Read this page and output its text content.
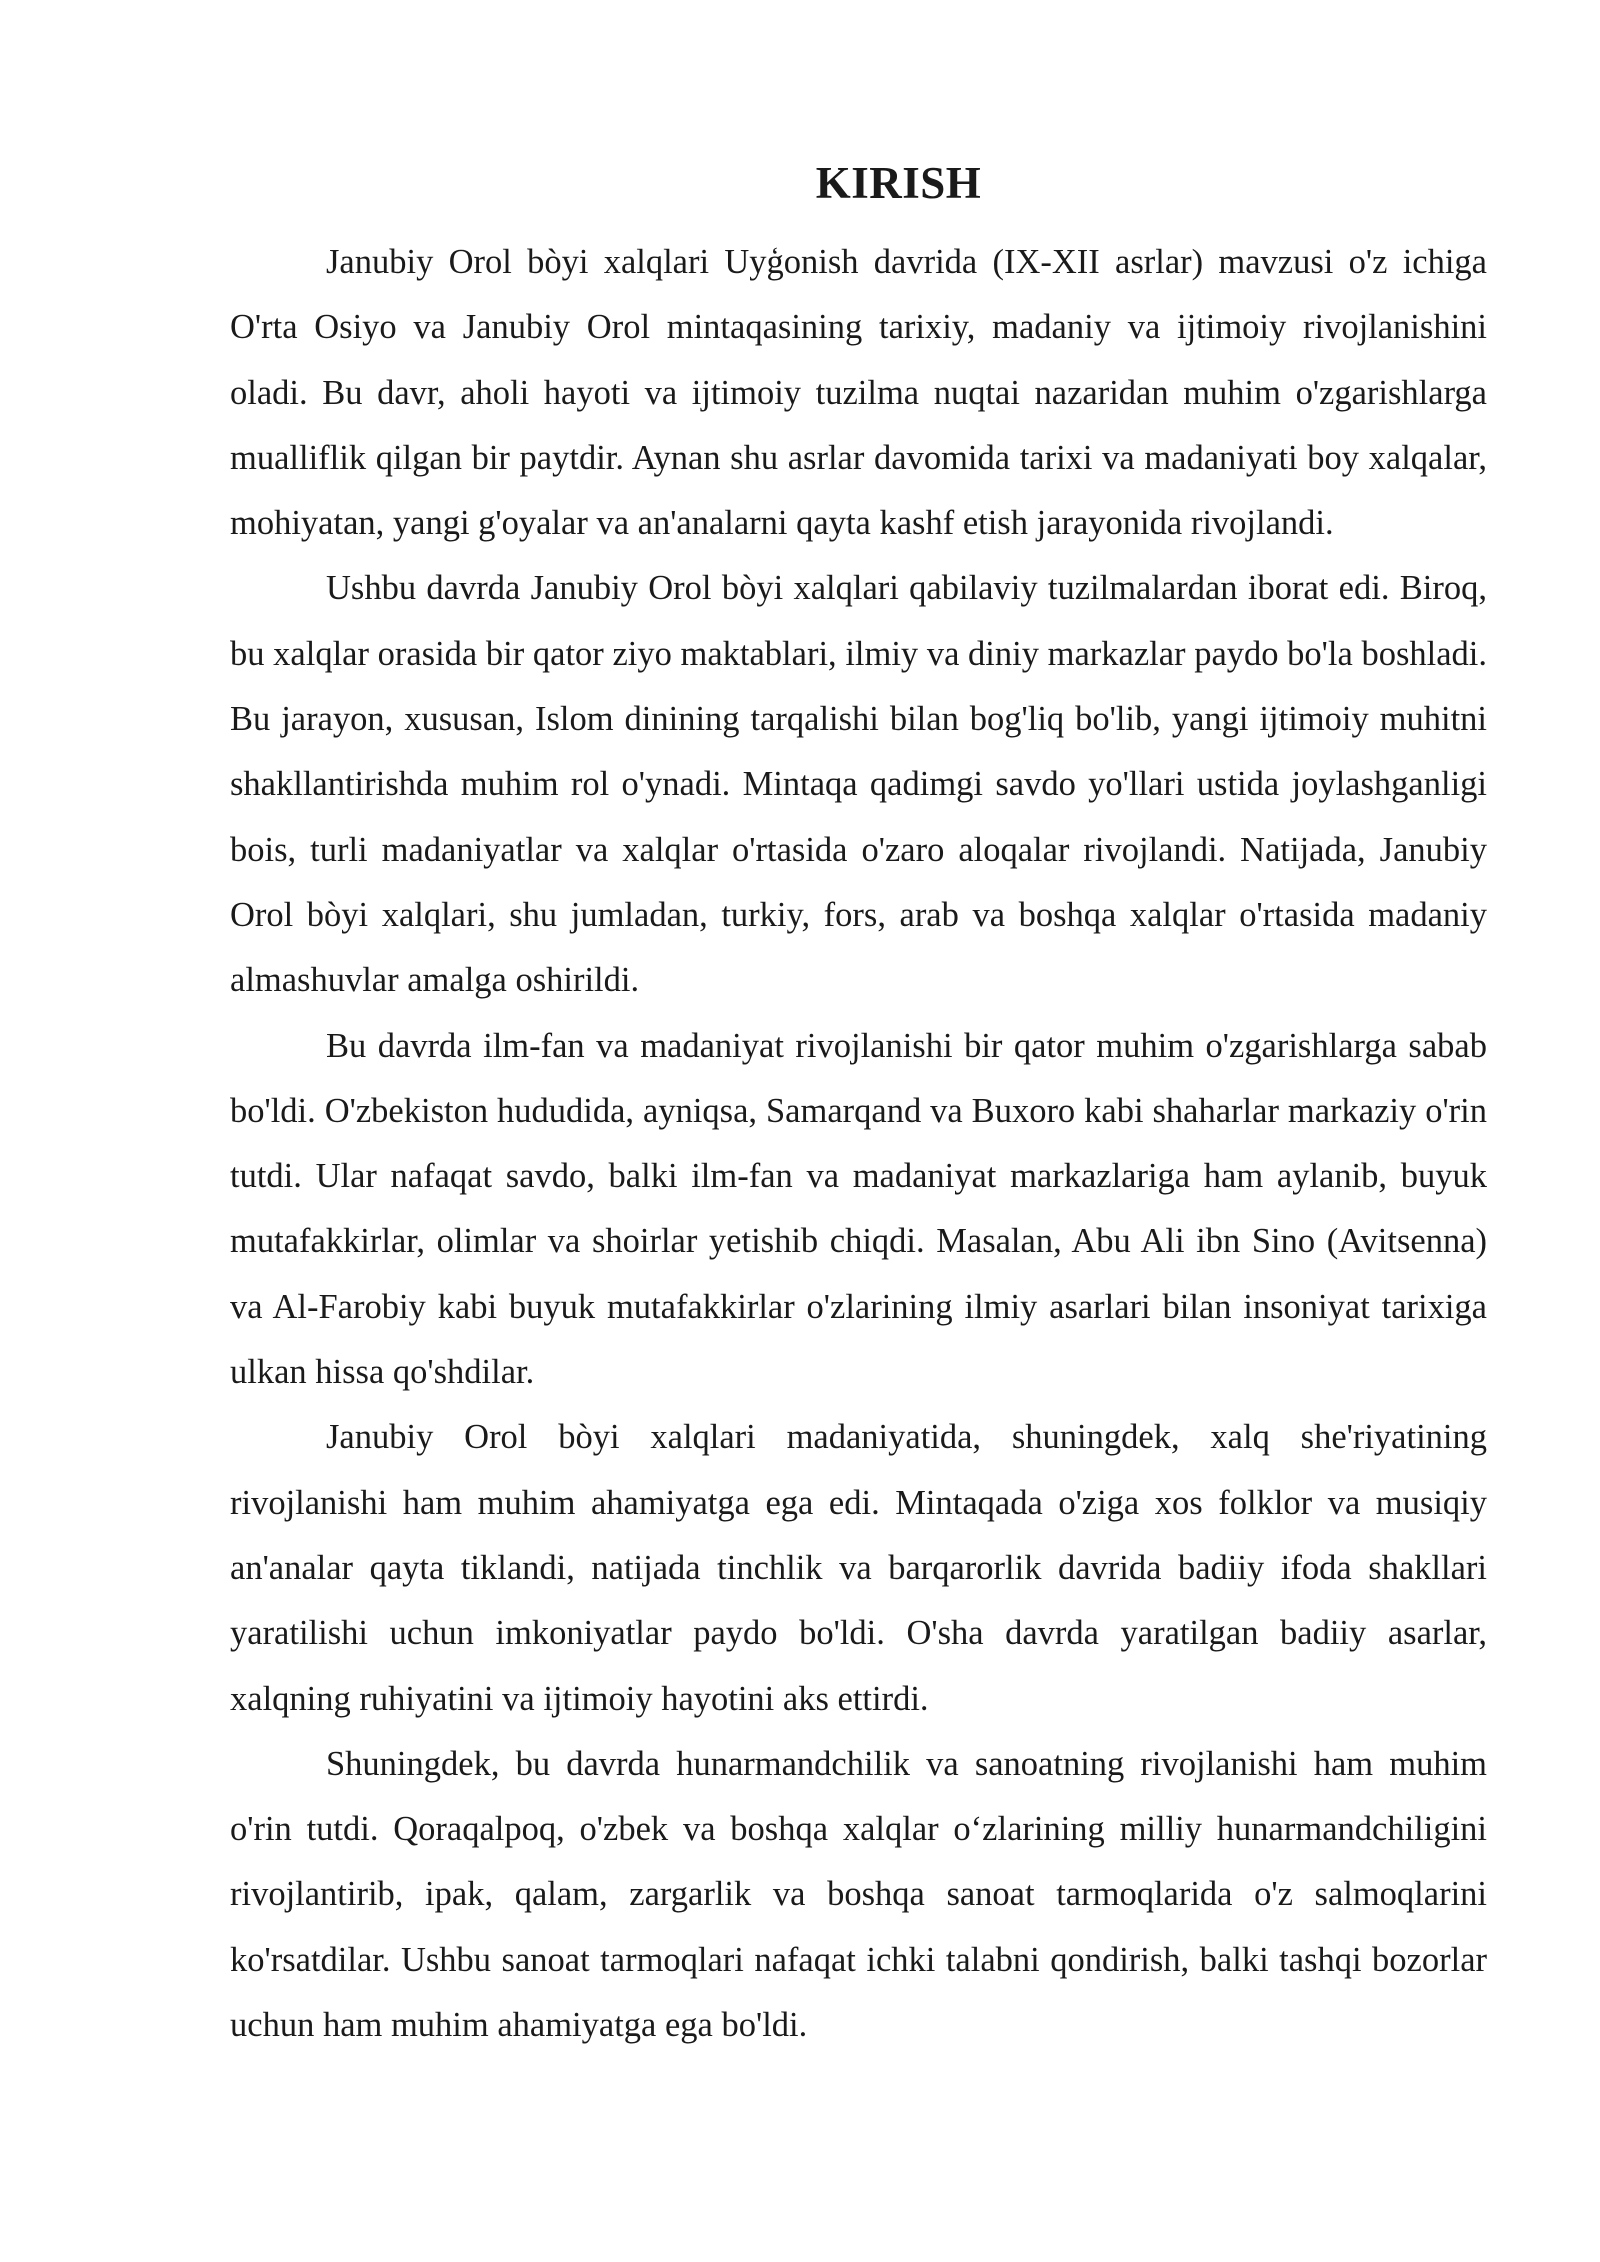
KIRISH

Janubiy Orol bòyi xalqlari Uyģonish davrida (IX-XII asrlar) mavzusi o'z ichiga O'rta Osiyo va Janubiy Orol mintaqasining tarixiy, madaniy va ijtimoiy rivojlanishini oladi. Bu davr, aholi hayoti va ijtimoiy tuzilma nuqtai nazaridan muhim o'zgarishlarga mualliflik qilgan bir paytdir. Aynan shu asrlar davomida tarixi va madaniyati boy xalqalar, mohiyatan, yangi g'oyalar va an'analarni qayta kashf etish jarayonida rivojlandi.

Ushbu davrda Janubiy Orol bòyi xalqlari qabilaviy tuzilmalardan iborat edi. Biroq, bu xalqlar orasida bir qator ziyo maktablari, ilmiy va diniy markazlar paydo bo'la boshladi. Bu jarayon, xususan, Islom dinining tarqalishi bilan bog'liq bo'lib, yangi ijtimoiy muhitni shakllantirishda muhim rol o'ynadi. Mintaqa qadimgi savdo yo'llari ustida joylashganligi bois, turli madaniyatlar va xalqlar o'rtasida o'zaro aloqalar rivojlandi. Natijada, Janubiy Orol bòyi xalqlari, shu jumladan, turkiy, fors, arab va boshqa xalqlar o'rtasida madaniy almashuvlar amalga oshirildi.

Bu davrda ilm-fan va madaniyat rivojlanishi bir qator muhim o'zgarishlarga sabab bo'ldi. O'zbekiston hududida, ayniqsa, Samarqand va Buxoro kabi shaharlar markaziy o'rin tutdi. Ular nafaqat savdo, balki ilm-fan va madaniyat markazlariga ham aylanib, buyuk mutafakkirlar, olimlar va shoirlar yetishib chiqdi. Masalan, Abu Ali ibn Sino (Avitsenna) va Al-Farobiy kabi buyuk mutafakkirlar o'zlarining ilmiy asarlari bilan insoniyat tarixiga ulkan hissa qo'shdilar.

Janubiy Orol bòyi xalqlari madaniyatida, shuningdek, xalq she'riyatining rivojlanishi ham muhim ahamiyatga ega edi. Mintaqada o'ziga xos folklor va musiqiy an'analar qayta tiklandi, natijada tinchlik va barqarorlik davrida badiiy ifoda shakllari yaratilishi uchun imkoniyatlar paydo bo'ldi. O'sha davrda yaratilgan badiiy asarlar, xalqning ruhiyatini va ijtimoiy hayotini aks ettirdi.

Shuningdek, bu davrda hunarmandchilik va sanoatning rivojlanishi ham muhim o'rin tutdi. Qoraqalpoq, o'zbek va boshqa xalqlar o‘zlarining milliy hunarmandchiligini rivojlantirib, ipak, qalam, zargarlik va boshqa sanoat tarmoqlarida o'z salmoqlarini ko'rsatdilar. Ushbu sanoat tarmoqlari nafaqat ichki talabni qondirish, balki tashqi bozorlar uchun ham muhim ahamiyatga ega bo'ldi.
